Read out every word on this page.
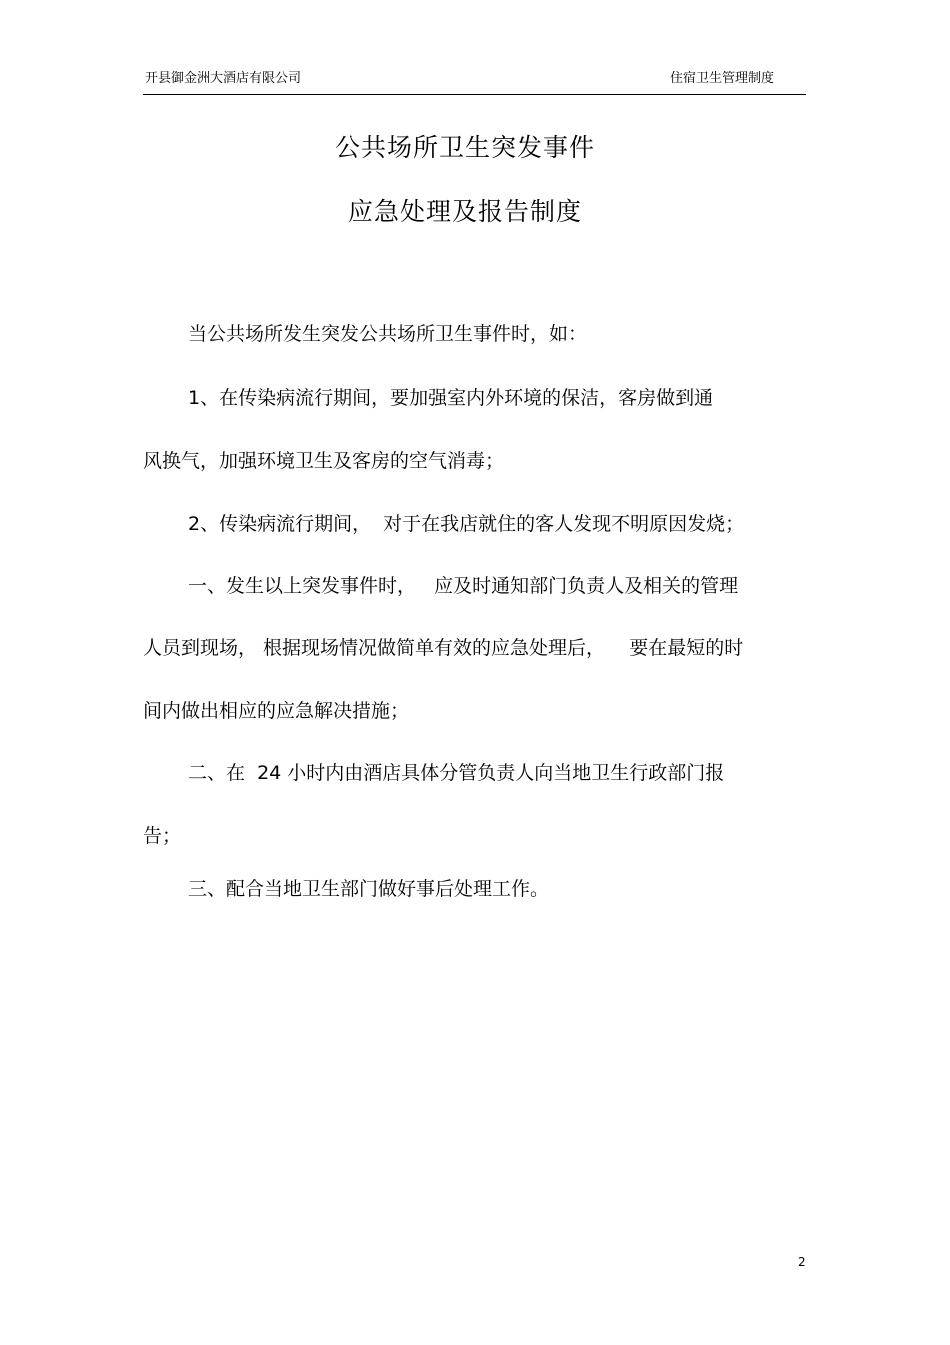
开县御金洲大酒店有限公司	住宿卫生管理制度
公共场所卫生突发事件
应急处理及报告制度
当公共场所发生突发公共场所卫生事件时，如：
1、在传染病流行期间，要加强室内外环境的保洁，客房做到通
风换气，加强环境卫生及客房的空气消毒；
2、传染病流行期间，  对于在我店就住的客人发现不明原因发烧；
一、发生以上突发事件时，   应及时通知部门负责人及相关的管理
人员到现场， 根据现场情况做简单有效的应急处理后，    要在最短的时
间内做出相应的应急解决措施；
二、在  24 小时内由酒店具体分管负责人向当地卫生行政部门报
告；
三、配合当地卫生部门做好事后处理工作。
2
